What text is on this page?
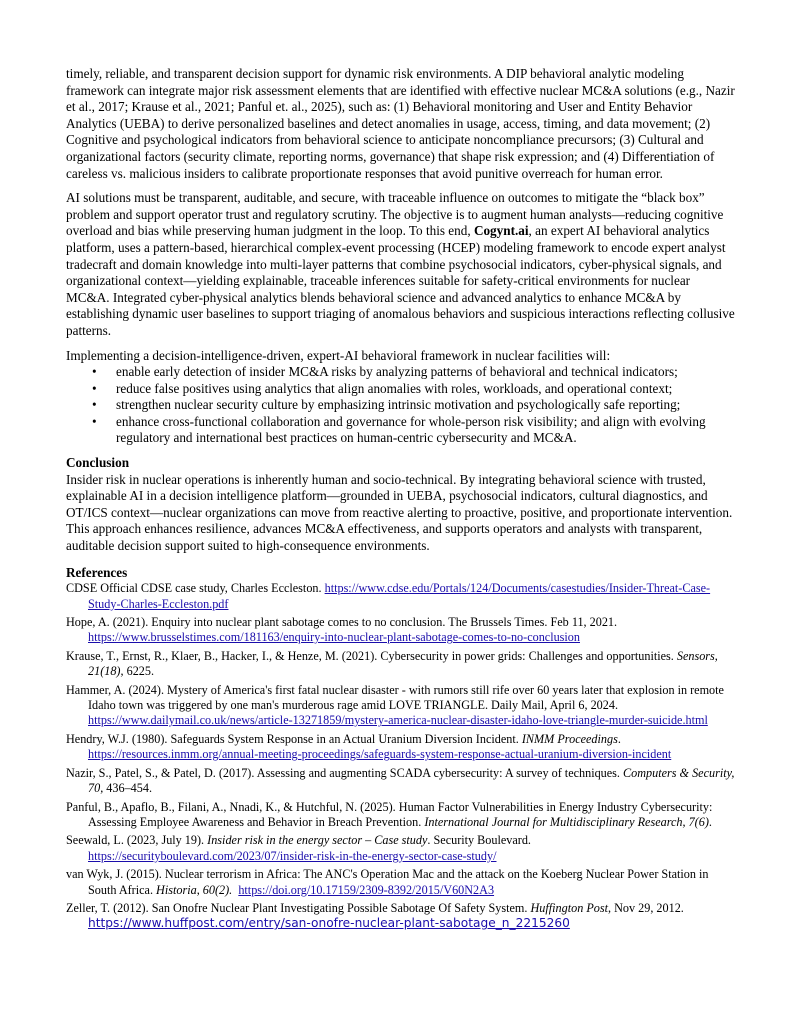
timely, reliable, and transparent decision support for dynamic risk environments. A DIP behavioral analytic modeling framework can integrate major risk assessment elements that are identified with effective nuclear MC&A solutions (e.g., Nazir et al., 2017; Krause et al., 2021; Panful et. al., 2025), such as: (1) Behavioral monitoring and User and Entity Behavior Analytics (UEBA) to derive personalized baselines and detect anomalies in usage, access, timing, and data movement; (2) Cognitive and psychological indicators from behavioral science to anticipate noncompliance precursors; (3) Cultural and organizational factors (security climate, reporting norms, governance) that shape risk expression; and (4) Differentiation of careless vs. malicious insiders to calibrate proportionate responses that avoid punitive overreach for human error.

AI solutions must be transparent, auditable, and secure, with traceable influence on outcomes to mitigate the “black box” problem and support operator trust and regulatory scrutiny. The objective is to augment human analysts—reducing cognitive overload and bias while preserving human judgment in the loop. To this end, Cogynt.ai, an expert AI behavioral analytics platform, uses a pattern-based, hierarchical complex-event processing (HCEP) modeling framework to encode expert analyst tradecraft and domain knowledge into multi-layer patterns that combine psychosocial indicators, cyber-physical signals, and organizational context—yielding explainable, traceable inferences suitable for safety-critical environments for nuclear MC&A. Integrated cyber-physical analytics blends behavioral science and advanced analytics to enhance MC&A by establishing dynamic user baselines to support triaging of anomalous behaviors and suspicious interactions reflecting collusive patterns.

Implementing a decision-intelligence-driven, expert-AI behavioral framework in nuclear facilities will:
• enable early detection of insider MC&A risks by analyzing patterns of behavioral and technical indicators;
• reduce false positives using analytics that align anomalies with roles, workloads, and operational context;
• strengthen nuclear security culture by emphasizing intrinsic motivation and psychologically safe reporting;
• enhance cross-functional collaboration and governance for whole-person risk visibility; and align with evolving regulatory and international best practices on human-centric cybersecurity and MC&A.
Conclusion

Insider risk in nuclear operations is inherently human and socio-technical. By integrating behavioral science with trusted, explainable AI in a decision intelligence platform—grounded in UEBA, psychosocial indicators, cultural diagnostics, and OT/ICS context—nuclear organizations can move from reactive alerting to proactive, positive, and proportionate intervention. This approach enhances resilience, advances MC&A effectiveness, and supports operators and analysts with transparent, auditable decision support suited to high-consequence environments.

References
CDSE Official CDSE case study, Charles Eccleston. https://www.cdse.edu/Portals/124/Documents/casestudies/Insider-Threat-Case-Study-Charles-Eccleston.pdf
Hope, A. (2021). Enquiry into nuclear plant sabotage comes to no conclusion. The Brussels Times. Feb 11, 2021. https://www.brusselstimes.com/181163/enquiry-into-nuclear-plant-sabotage-comes-to-no-conclusion
Krause, T., Ernst, R., Klaer, B., Hacker, I., & Henze, M. (2021). Cybersecurity in power grids: Challenges and opportunities. Sensors, 21(18), 6225.
Hammer, A. (2024). Mystery of America's first fatal nuclear disaster - with rumors still rife over 60 years later that explosion in remote Idaho town was triggered by one man's murderous rage amid LOVE TRIANGLE. Daily Mail, April 6, 2024. https://www.dailymail.co.uk/news/article-13271859/mystery-america-nuclear-disaster-idaho-love-triangle-murder-suicide.html
Hendry, W.J. (1980). Safeguards System Response in an Actual Uranium Diversion Incident. INMM Proceedings. https://resources.inmm.org/annual-meeting-proceedings/safeguards-system-response-actual-uranium-diversion-incident
Nazir, S., Patel, S., & Patel, D. (2017). Assessing and augmenting SCADA cybersecurity: A survey of techniques. Computers & Security, 70, 436–454.
Panful, B., Apaflo, B., Filani, A., Nnadi, K., & Hutchful, N. (2025). Human Factor Vulnerabilities in Energy Industry Cybersecurity: Assessing Employee Awareness and Behavior in Breach Prevention. International Journal for Multidisciplinary Research, 7(6).
Seewald, L. (2023, July 19). Insider risk in the energy sector – Case study. Security Boulevard. https://securityboulevard.com/2023/07/insider-risk-in-the-energy-sector-case-study/
van Wyk, J. (2015). Nuclear terrorism in Africa: The ANC's Operation Mac and the attack on the Koeberg Nuclear Power Station in South Africa. Historia, 60(2). https://doi.org/10.17159/2309-8392/2015/V60N2A3
Zeller, T. (2012). San Onofre Nuclear Plant Investigating Possible Sabotage Of Safety System. Huffington Post, Nov 29, 2012. https://www.huffpost.com/entry/san-onofre-nuclear-plant-sabotage_n_2215260
